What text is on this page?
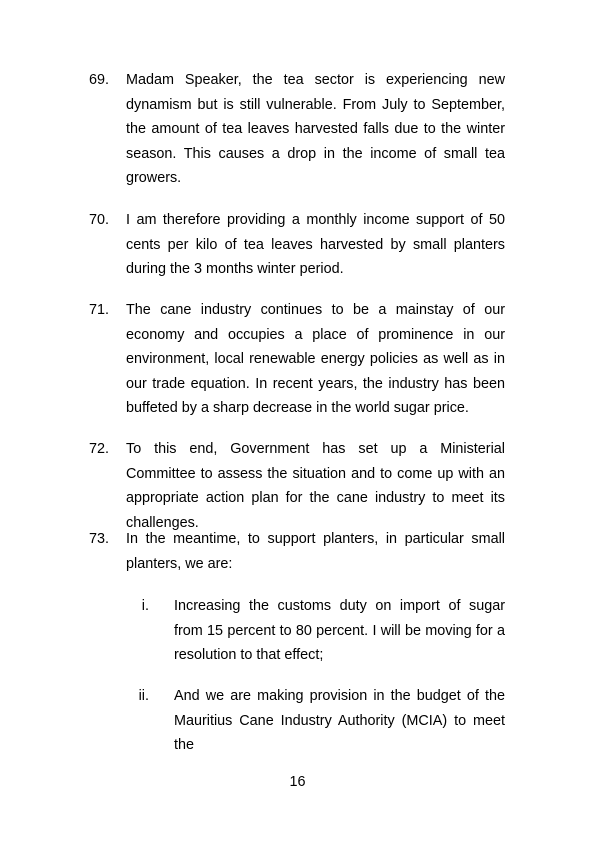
69.	Madam Speaker, the tea sector is experiencing new dynamism but is still vulnerable. From July to September, the amount of tea leaves harvested falls due to the winter season. This causes a drop in the income of small tea growers.
70.	I am therefore providing a monthly income support of 50 cents per kilo of tea leaves harvested by small planters during the 3 months winter period.
71.	The cane industry continues to be a mainstay of our economy and occupies a place of prominence in our environment, local renewable energy policies as well as in our trade equation. In recent years, the industry has been buffeted by a sharp decrease in the world sugar price.
72.	To this end, Government has set up a Ministerial Committee to assess the situation and to come up with an appropriate action plan for the cane industry to meet its challenges.
73.	In the meantime, to support planters, in particular small planters, we are:
i. Increasing the customs duty on import of sugar from 15 percent to 80 percent. I will be moving for a resolution to that effect;
ii. And we are making provision in the budget of the Mauritius Cane Industry Authority (MCIA) to meet the
16
